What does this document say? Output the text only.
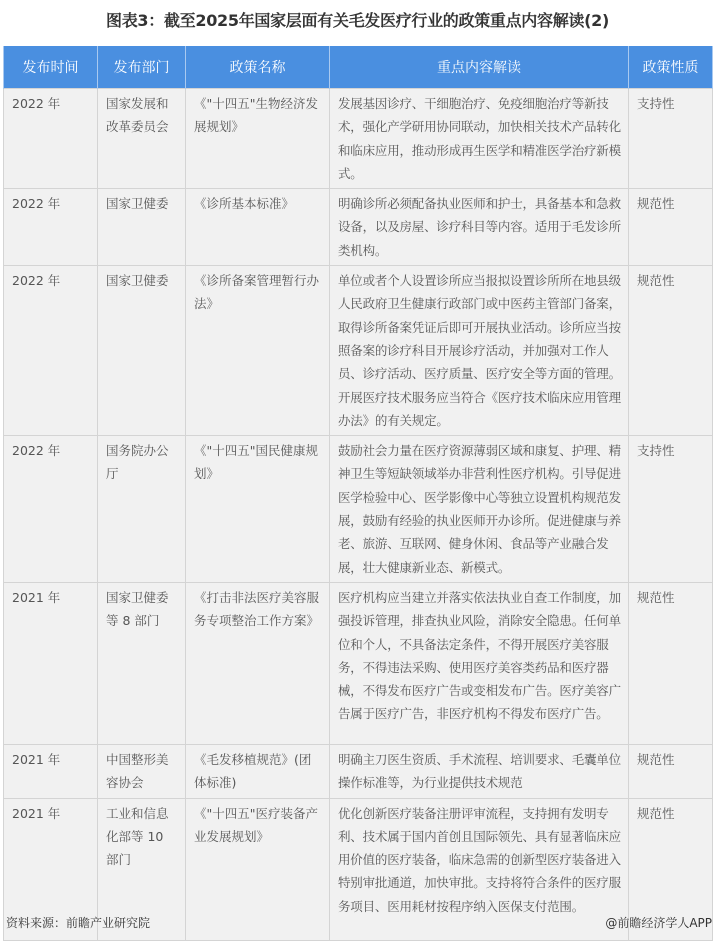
图表3：截至2025年国家层面有关毛发医疗行业的政策重点内容解读(2)
发布时间	发布部门	政策名称	重点内容解读	政策性质
2022 年	国家发展和改革委员会	《"十四五"生物经济发展规划》	发展基因诊疗、干细胞治疗、免疫细胞治疗等新技术，强化产学研用协同联动，加快相关技术产品转化和临床应用，推动形成再生医学和精准医学治疗新模式。	支持性
2022 年	国家卫健委	《诊所基本标准》	明确诊所必须配备执业医师和护士，具备基本和急救设备，以及房屋、诊疗科目等内容。适用于毛发诊所类机构。	规范性
2022 年	国家卫健委	《诊所备案管理暂行办法》	单位或者个人设置诊所应当报拟设置诊所所在地县级人民政府卫生健康行政部门或中医药主管部门备案，取得诊所备案凭证后即可开展执业活动。诊所应当按照备案的诊疗科目开展诊疗活动，并加强对工作人员、诊疗活动、医疗质量、医疗安全等方面的管理。开展医疗技术服务应当符合《医疗技术临床应用管理办法》的有关规定。	规范性
2022 年	国务院办公厅	《"十四五"国民健康规划》	鼓励社会力量在医疗资源薄弱区域和康复、护理、精神卫生等短缺领域举办非营利性医疗机构。引导促进医学检验中心、医学影像中心等独立设置机构规范发展，鼓励有经验的执业医师开办诊所。促进健康与养老、旅游、互联网、健身休闲、食品等产业融合发展，壮大健康新业态、新模式。	支持性
2021 年	国家卫健委等 8 部门	《打击非法医疗美容服务专项整治工作方案》	医疗机构应当建立并落实依法执业自查工作制度，加强投诉管理，排查执业风险，消除安全隐患。任何单位和个人，不具备法定条件，不得开展医疗美容服务，不得违法采购、使用医疗美容类药品和医疗器械，不得发布医疗广告或变相发布广告。医疗美容广告属于医疗广告，非医疗机构不得发布医疗广告。	规范性
2021 年	中国整形美容协会	《毛发移植规范》(团体标准)	明确主刀医生资质、手术流程、培训要求、毛囊单位操作标准等，为行业提供技术规范	规范性
2021 年	工业和信息化部等 10 部门	《"十四五"医疗装备产业发展规划》	优化创新医疗装备注册评审流程，支持拥有发明专利、技术属于国内首创且国际领先、具有显著临床应用价值的医疗装备，临床急需的创新型医疗装备进入特别审批通道，加快审批。支持将符合条件的医疗服务项目、医用耗材按程序纳入医保支付范围。	规范性
资料来源：前瞻产业研究院	@前瞻经济学人APP
